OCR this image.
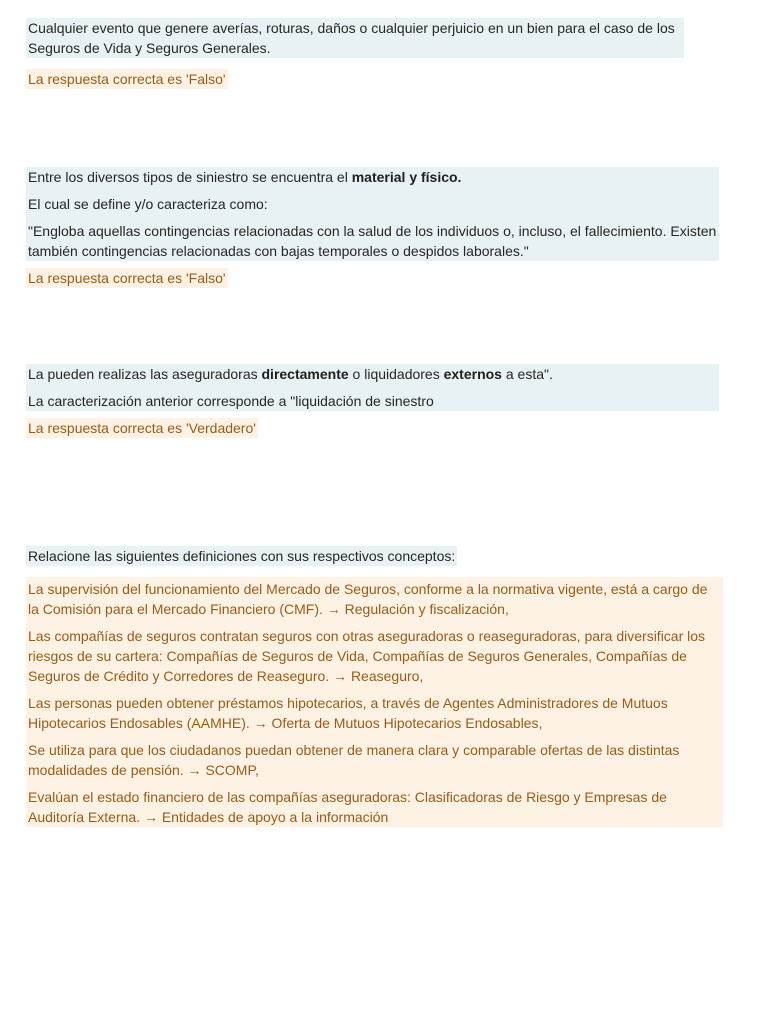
Cualquier evento que genere averías, roturas, daños o cualquier perjuicio en un bien para el caso de los Seguros de Vida y Seguros Generales.
La respuesta correcta es 'Falso'

Entre los diversos tipos de siniestro se encuentra el material y físico.

El cual se define y/o caracteriza como:

"Engloba aquellas contingencias relacionadas con la salud de los individuos o, incluso, el fallecimiento. Existen también contingencias relacionadas con bajas temporales o despidos laborales."

La respuesta correcta es 'Falso'

La pueden realizas las aseguradoras directamente o liquidadores externos a esta".

La caracterización anterior corresponde a "liquidación de sinestro

La respuesta correcta es 'Verdadero'
Relacione las siguientes definiciones con sus respectivos conceptos:

La supervisión del funcionamiento del Mercado de Seguros, conforme a la normativa vigente, está a cargo de la Comisión para el Mercado Financiero (CMF). → Regulación y fiscalización,

Las compañías de seguros contratan seguros con otras aseguradoras o reaseguradoras, para diversificar los riesgos de su cartera: Compañías de Seguros de Vida, Compañías de Seguros Generales, Compañías de Seguros de Crédito y Corredores de Reaseguro. → Reaseguro,

Las personas pueden obtener préstamos hipotecarios, a través de Agentes Administradores de Mutuos Hipotecarios Endosables (AAMHE). → Oferta de Mutuos Hipotecarios Endosables,

Se utiliza para que los ciudadanos puedan obtener de manera clara y comparable ofertas de las distintas modalidades de pensión. → SCOMP,

Evalúan el estado financiero de las compañías aseguradoras: Clasificadoras de Riesgo y Empresas de Auditoría Externa. → Entidades de apoyo a la información
